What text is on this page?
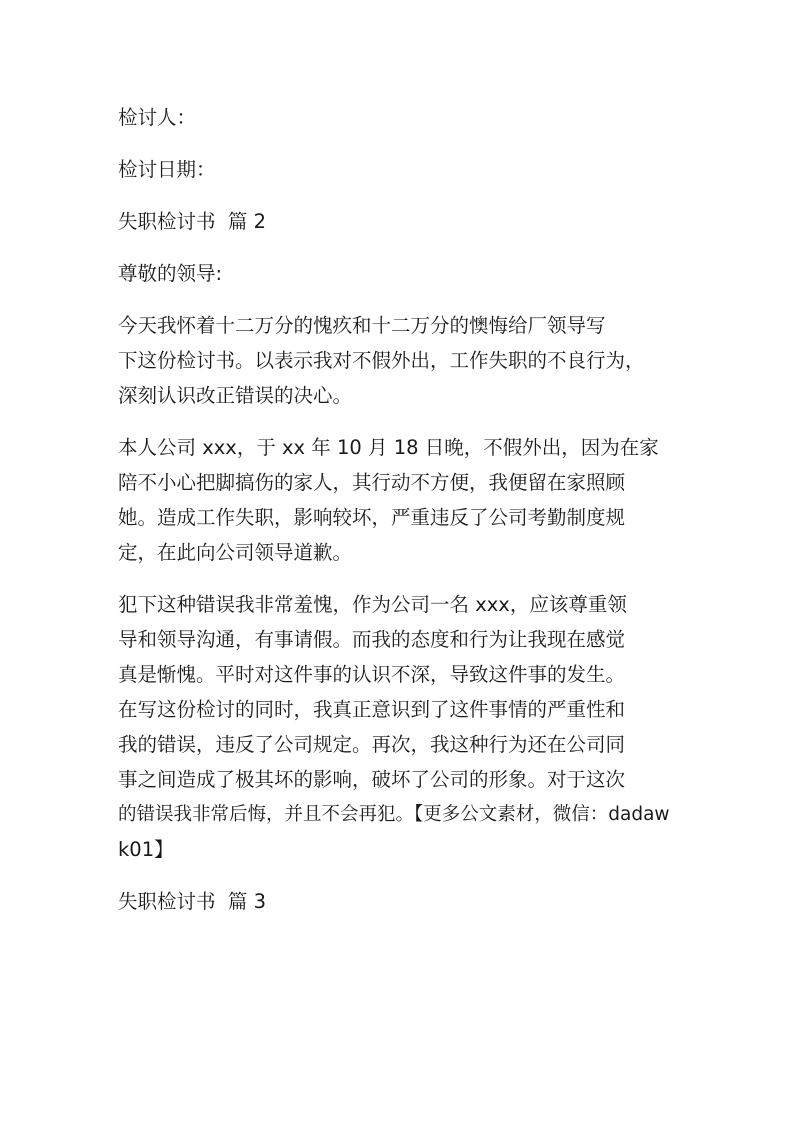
检讨人：
检讨日期：
失职检讨书  篇 2
尊敬的领导:
今天我怀着十二万分的愧疚和十二万分的懊悔给厂领导写
下这份检讨书。以表示我对不假外出，工作失职的不良行为，
深刻认识改正错误的决心。
本人公司 xxx，于 xx 年 10 月 18 日晚，不假外出，因为在家
陪不小心把脚搞伤的家人，其行动不方便，我便留在家照顾
她。造成工作失职，影响较坏，严重违反了公司考勤制度规
定，在此向公司领导道歉。
犯下这种错误我非常羞愧，作为公司一名 xxx，应该尊重领
导和领导沟通，有事请假。而我的态度和行为让我现在感觉
真是惭愧。平时对这件事的认识不深，导致这件事的发生。
在写这份检讨的同时，我真正意识到了这件事情的严重性和
我的错误，违反了公司规定。再次，我这种行为还在公司同
事之间造成了极其坏的影响，破坏了公司的形象。对于这次
的错误我非常后悔，并且不会再犯。【更多公文素材，微信：dadaw
k01】
失职检讨书  篇 3
